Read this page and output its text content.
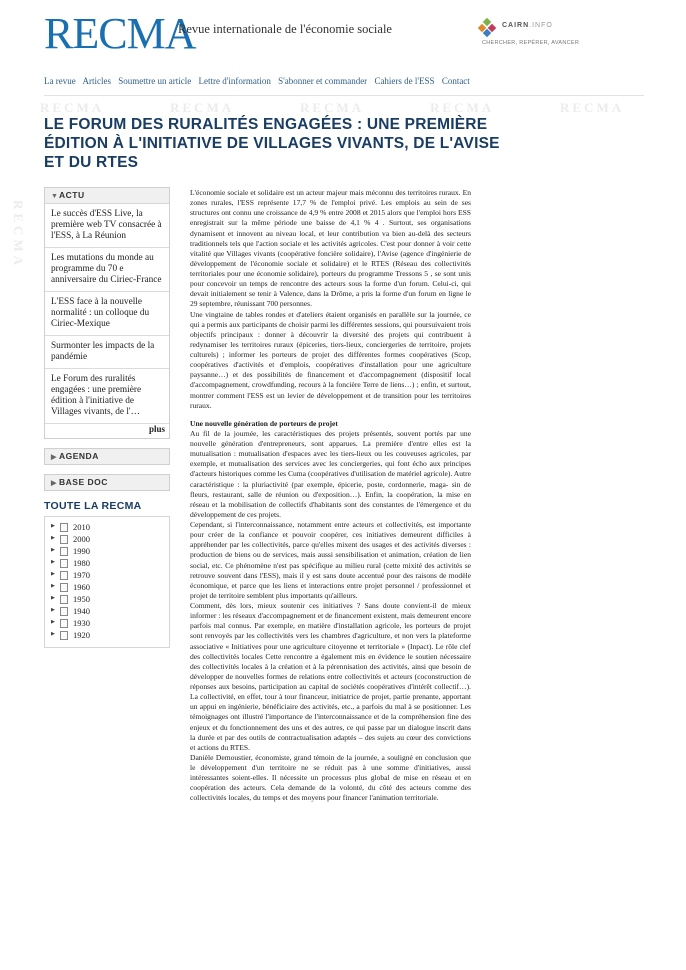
RECMA
Revue internationale de l'économie sociale	CAIRN.INFO
CHERCHER, REPÉRER, AVANCER
La revue Articles Soumettre un article Lettre d'information S'abonner et commander Cahiers de l'ESS Contact
RECMA	RECMA	RECMA	RECMA	RECMA
LE FORUM DES RURALITÉS ENGAGÉES : UNE PREMIÈRE ÉDITION À L'INITIATIVE DE VILLAGES VIVANTS, DE L'AVISE ET DU RTES
RECMA
▼ACTU
Le succès d'ESS Live, la première web TV consacrée à l'ESS, à La Réunion
Les mutations du monde au programme du 70 e anniversaire du Ciriec-France
L'ESS face à la nouvelle normalité : un colloque du Ciriec-Mexique
Surmonter les impacts de la pandémie
Le Forum des ruralités engagées : une première édition à l'initiative de Villages vivants, de l'…
plus
▶ AGENDA
▶ BASE DOC
TOUTE LA RECMA
▶ 2010
▶ 2000
▶ 1990
▶ 1980
▶ 1970
▶ 1960
▶ 1950
▶ 1940
▶ 1930
▶ 1920

L'économie sociale et solidaire est un acteur majeur mais méconnu des territoires ruraux. En zones rurales, l'ESS représente 17,7 % de l'emploi privé. Les emplois au sein de ses structures ont connu une croissance de 4,9 % entre 2008 et 2015 alors que l'emploi hors ESS enregistrait sur la même période une baisse de 4,1 % 4 . Surtout, ses organisations dynamisent et innovent au niveau local, et leur contribution va bien au-delà des secteurs traditionnels tels que l'action sociale et les activités agricoles. C'est pour donner à voir cette vitalité que Villages vivants (coopérative foncière solidaire), l'Avise (agence d'ingénierie de développement de l'économie sociale et solidaire) et le RTES (Réseau des collectivités territoriales pour une économie solidaire), porteurs du programme Tressons 5 , se sont unis pour concevoir un temps de rencontre des acteurs sous la forme d'un forum. Celui-ci, qui devait initialement se tenir à Valence, dans la Drôme, a pris la forme d'un forum en ligne le 29 septembre, réunissant 700 personnes.

Une vingtaine de tables rondes et d'ateliers étaient organisés en parallèle sur la journée, ce qui a permis aux participants de choisir parmi les différentes sessions, qui poursuivaient trois objectifs principaux : donner à découvrir la diversité des projets qui contribuent à redynamiser les territoires ruraux (épiceries, tiers-lieux, conciergeries de territoire, projets culturels) ; informer les porteurs de projet des différentes formes coopératives (Scop, coopératives d'activités et d'emplois, coopératives d'installation pour une agriculture paysanne…) et des possibilités de financement et d'accompagnement (dispositif local d'accompagnement, crowdfunding, recours à la foncière Terre de liens…) ; enfin, et surtout, montrer comment l'ESS est un levier de développement et de transition pour les territoires ruraux.

Une nouvelle génération de porteurs de projet

Au fil de la journée, les caractéristiques des projets présentés, souvent portés par une nouvelle génération d'entrepreneurs, sont apparues. La première d'entre elles est la mutualisation : mutualisation d'espaces avec les tiers-lieux ou les couveuses agricoles, par exemple, et mutualisation des services avec les conciergeries, qui font écho aux principes d'acteurs historiques comme les Cuma (coopératives d'utilisation de matériel agricole). Autre caractéristique : la pluriactivité (par exemple, épicerie, poste, cordonnerie, maga- sin de fleurs, restaurant, salle de réunion ou d'exposition…). Enfin, la coopération, la mise en réseau et la mobilisation de collectifs d'habitants sont des constantes de l'émergence et du développement de ces projets.

Cependant, si l'interconnaissance, notamment entre acteurs et collectivités, est importante pour créer de la confiance et pouvoir coopérer, ces initiatives demeurent difficiles à appréhender par les collectivités, parce qu'elles mixent des usages et des activités diverses : production de biens ou de services, mais aussi sensibilisation et animation, création de lien social, etc. Ce phénomène n'est pas spécifique au milieu rural (cette mixité des activités se retrouve souvent dans l'ESS), mais il y est sans doute accentué pour des raisons de modèle économique, et parce que les liens et interactions entre projet personnel / professionnel et projet de territoire semblent plus importants qu'ailleurs.

Comment, dès lors, mieux soutenir ces initiatives ? Sans doute convient-il de mieux informer : les réseaux d'accompagnement et de financement existent, mais demeurent encore parfois mal connus. Par exemple, en matière d'installation agricole, les porteurs de projet sont renvoyés par les collectivités vers les chambres d'agriculture, et non vers la plateforme associative « Initiatives pour une agriculture citoyenne et territoriale » (Inpact). Le rôle clef des collectivités locales Cette rencontre a également mis en évidence le soutien nécessaire des collectivités locales à la création et à la pérennisation des activités, ainsi que besoin de développer de nouvelles formes de relations entre collectivités et acteurs (coconstruction de réponses aux besoins, participation au capital de sociétés coopératives d'intérêt collectif…). La collectivité, en effet, tour à tour financeur, initiatrice de projet, partie prenante, apportant un appui en ingénierie, bénéficiaire des activités, etc., a parfois du mal à se positionner. Les témoignages ont illustré l'importance de l'interconnaissance et de la compréhension fine des enjeux et du fonctionnement des uns et des autres, ce qui passe par un dialogue inscrit dans la durée et par des outils de contractualisation adaptés – des sujets au cœur des convictions et actions du RTES.

Danièle Demoustier, économiste, grand témoin de la journée, a souligné en conclusion que le développement d'un territoire ne se réduit pas à une somme d'initiatives, aussi intéressantes soient-elles. Il nécessite un processus plus global de mise en réseau et en coopération des acteurs. Cela demande de la volonté, du côté des acteurs comme des collectivités locales, du temps et des moyens pour financer l'animation territoriale.
